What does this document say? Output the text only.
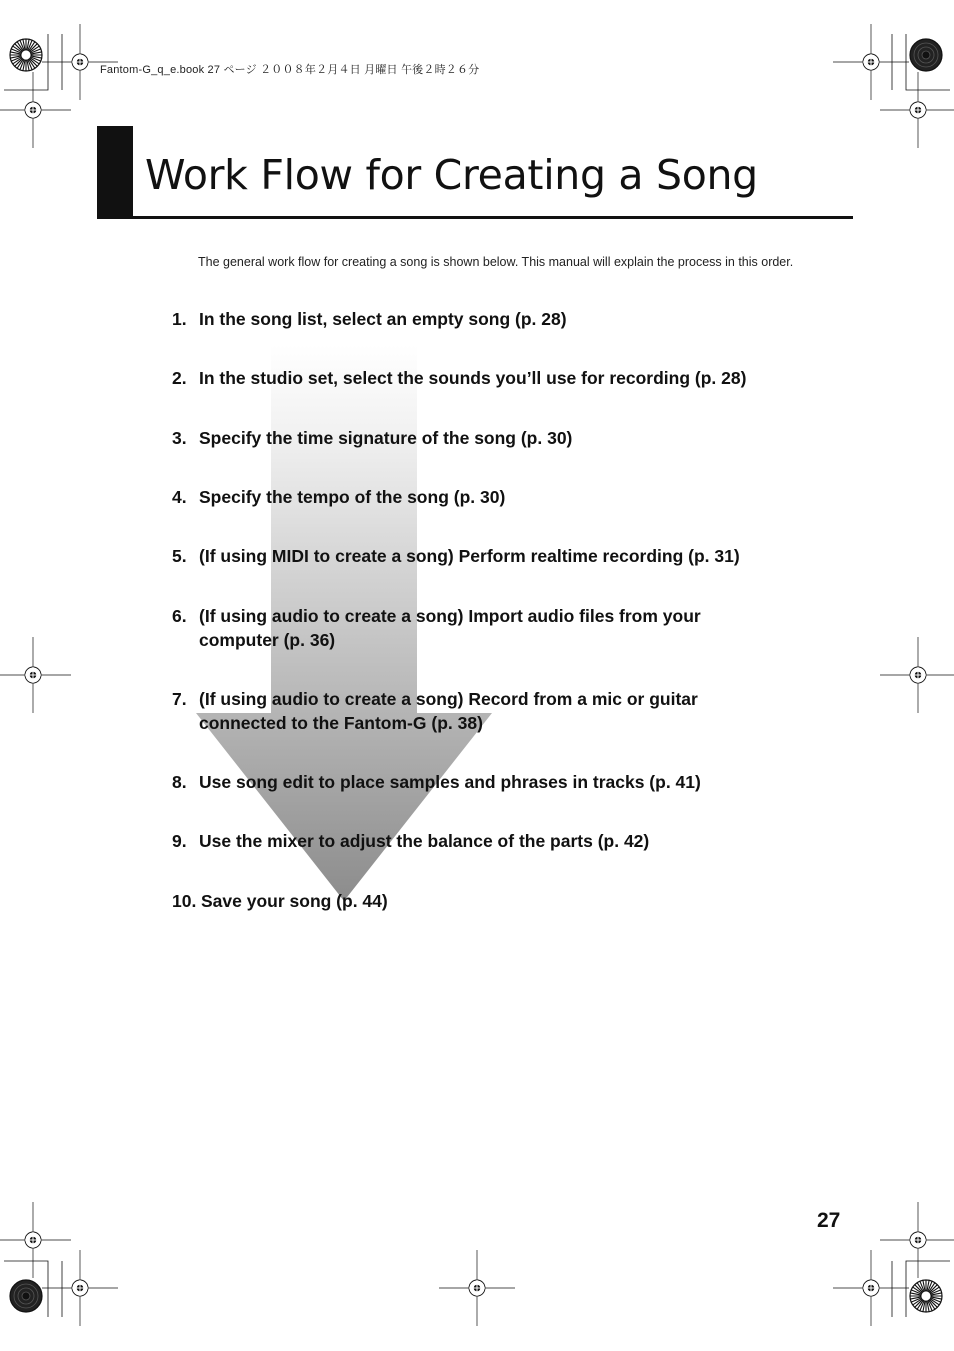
Fantom-G_q_e.book 27 ページ ２００８年２月４日 月曜日 午後２時２６分
Work Flow for Creating a Song

The general work flow for creating a song is shown below. This manual will explain the process in this order.

1. In the song list, select an empty song (p. 28)
2. In the studio set, select the sounds you’ll use for recording (p. 28)
3. Specify the time signature of the song (p. 30)
4. Specify the tempo of the song (p. 30)
5. (If using MIDI to create a song) Perform realtime recording (p. 31)
6. (If using audio to create a song) Import audio files from your computer (p. 36)
7. (If using audio to create a song) Record from a mic or guitar connected to the Fantom-G (p. 38)
8. Use song edit to place samples and phrases in tracks (p. 41)
9. Use the mixer to adjust the balance of the parts (p. 42)
10. Save your song (p. 44)
27
